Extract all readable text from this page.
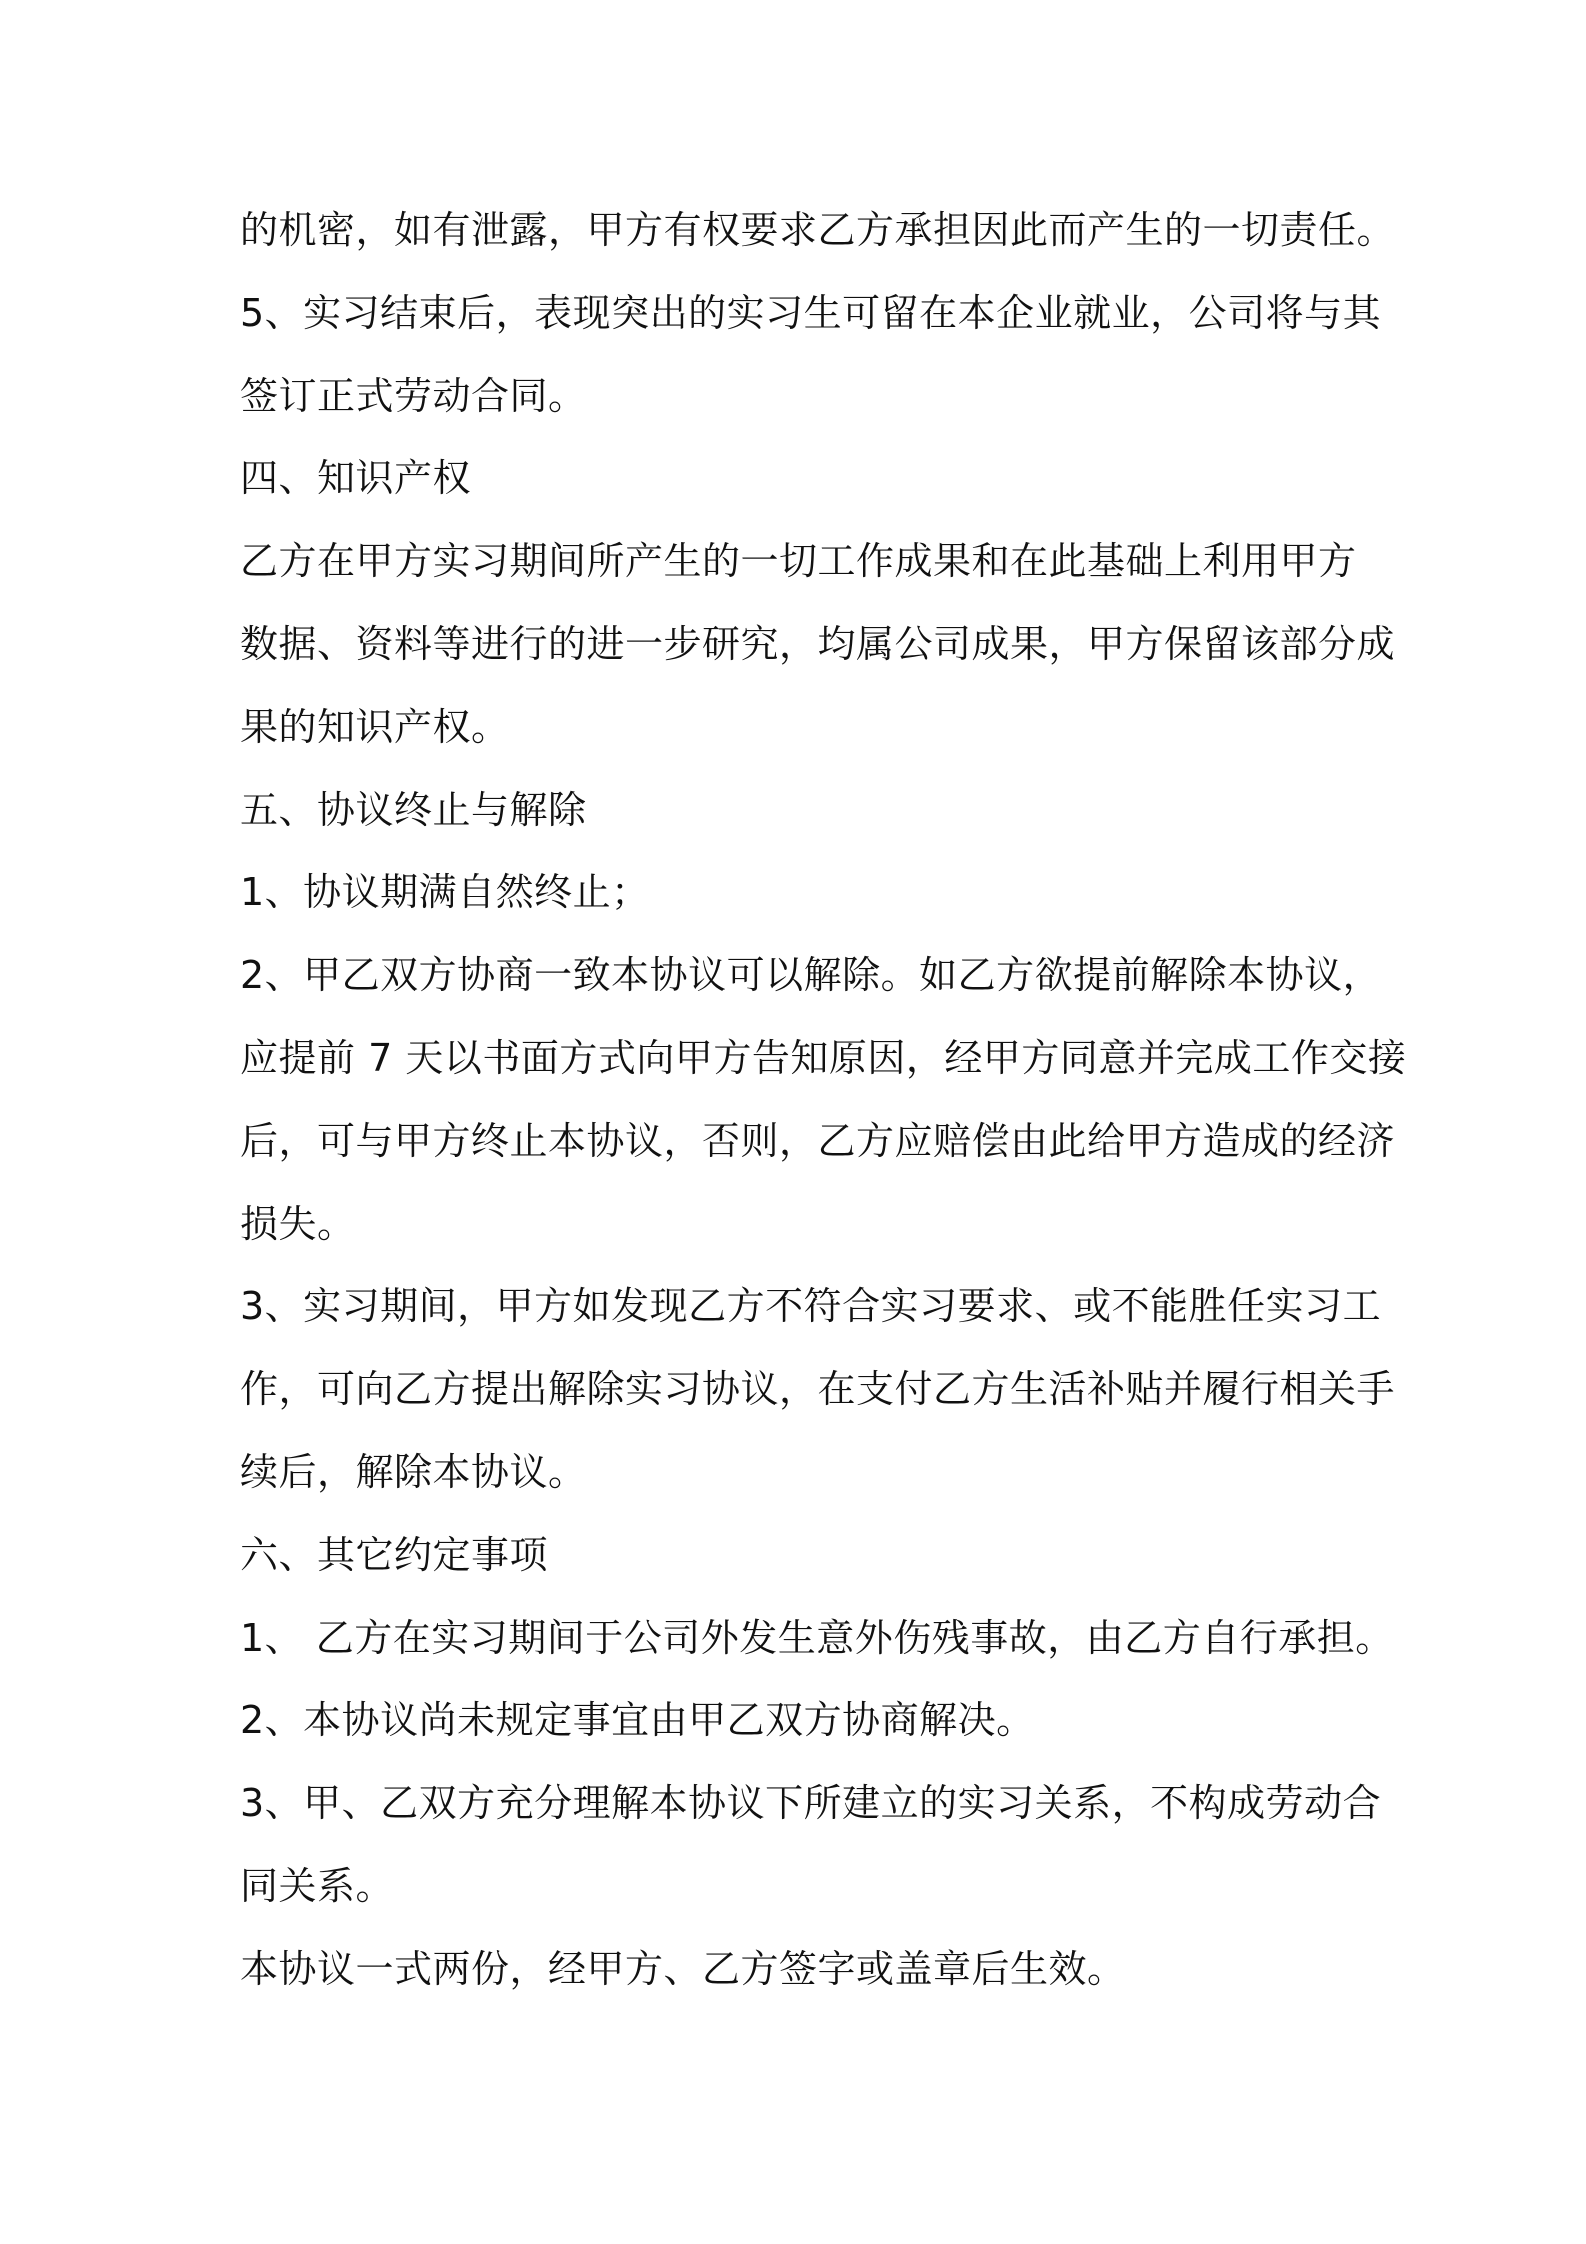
的机密，如有泄露，甲方有权要求乙方承担因此而产生的一切责任。
5、实习结束后，表现突出的实习生可留在本企业就业，公司将与其
签订正式劳动合同。
四、知识产权
乙方在甲方实习期间所产生的一切工作成果和在此基础上利用甲方
数据、资料等进行的进一步研究，均属公司成果，甲方保留该部分成
果的知识产权。
五、协议终止与解除
1、协议期满自然终止；
2、甲乙双方协商一致本协议可以解除。如乙方欲提前解除本协议，
应提前 7 天以书面方式向甲方告知原因，经甲方同意并完成工作交接
后，可与甲方终止本协议，否则，乙方应赔偿由此给甲方造成的经济
损失。
3、实习期间，甲方如发现乙方不符合实习要求、或不能胜任实习工
作，可向乙方提出解除实习协议，在支付乙方生活补贴并履行相关手
续后，解除本协议。
六、其它约定事项
1、 乙方在实习期间于公司外发生意外伤残事故，由乙方自行承担。
2、本协议尚未规定事宜由甲乙双方协商解决。
3、甲、乙双方充分理解本协议下所建立的实习关系，不构成劳动合
同关系。
本协议一式两份，经甲方、乙方签字或盖章后生效。
